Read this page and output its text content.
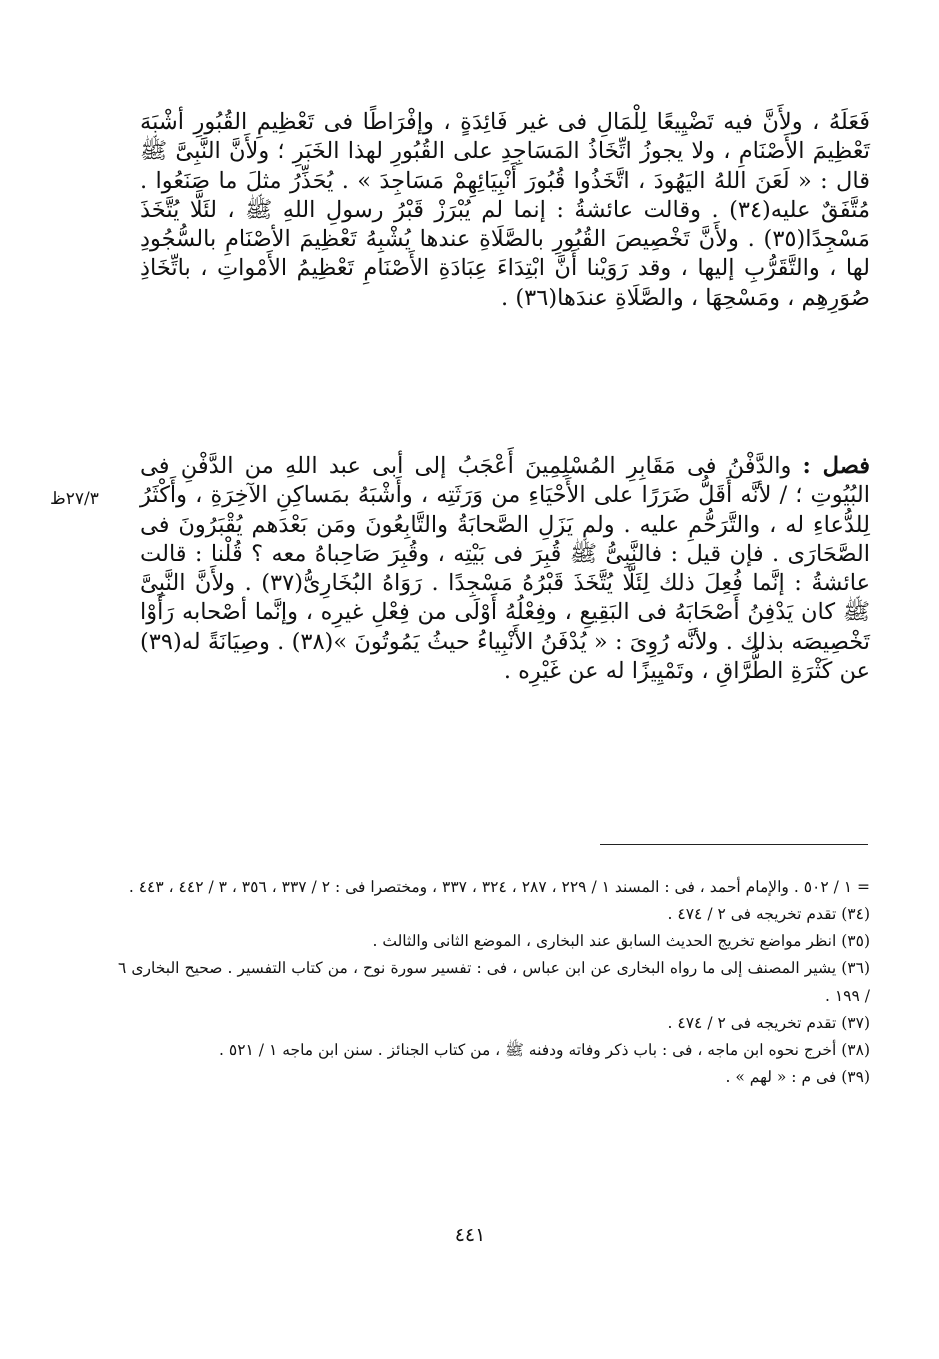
فَعَلَهُ ، ولأَنَّ فيه تَضْيِيعًا لِلْمَالِ فى غير فَائِدَةٍ ، وإفْرَاطًا فى تَعْظِيمِ القُبُورِ أشْبَهَ تَعْظِيمَ الأَصْنَامِ ، ولا يجوزُ اتِّخَاذُ المَسَاجِدِ على القُبُورِ لهذا الخَبَرِ ؛ ولأَنَّ النَّبِىَّ ﷺ قال : « لَعَنَ اللهُ اليَهُودَ ، اتَّخَذُوا قُبُورَ أَنْبِيَائِهِمْ مَسَاجِدَ » . يُحَذِّرُ مثلَ ما صَنَعُوا . مُتَّفَقٌ عليه(٣٤) . وقالت عائشةُ : إنما لم يُبْرَزْ قَبْرُ رسولِ اللهِ ﷺ ، لئَلَّا يُتَّخَذَ مَسْجِدًا(٣٥) . ولأَنَّ تَخْصِيصَ القُبُورِ بالصَّلَاةِ عندها يُشْبِهُ تَعْظِيمَ الأصْنَامِ بالسُّجُودِ لها ، والتَّقَرُّبِ إليها ، وقد رَوَيْنا أَنَّ ابْتِدَاءَ عِبَادَةِ الأَصْنَامِ تَعْظِيمُ الأَمْواتِ ، باتِّخَاذِ صُوَرِهِم ، ومَسْحِهَا ، والصَّلَاةِ عندَها(٣٦) .

فصل : والدَّفْنُ فى مَقَابِرِ المُسْلِمِينَ أَعْجَبُ إلى أبى عبد اللهِ من الدَّفْنِ فى البُيُوتِ ؛ / لأنَّه أَقَلُّ ضَرَرًا على الأَحْيَاءِ من وَرَثَتِه ، وأَشْبَهُ بمَساكِنِ الآخِرَةِ ، وأَكْثَرُ لِلدُّعاءِ له ، والتَّرَحُّمِ عليه . ولم يَزَلِ الصَّحابَةُ والتَّابِعُونَ ومَن بَعْدَهم يُقْبَرُونَ فى الصَّحَارَى . فإن قيل : فالنَّبِىُّ ﷺ قُبِرَ فى بَيْتِه ، وقُبِرَ صَاحِباهُ معه ؟ قُلْنا : قالت عائشةُ : إنَّما فُعِلَ ذلك لِئَلَّا يُتَّخَذَ قَبْرُهُ مَسْجِدًا . رَوَاهُ البُخَارِىُّ(٣٧) . ولأَنَّ النَّبِىَّ ﷺ كان يَدْفِنُ أَصْحَابَهُ فى البَقِيعِ ، وفِعْلُهُ أَوْلَى من فِعْلِ غيرِه ، وإنَّما أصْحابه رَأَوْا تَخْصِيصَه بذلك . ولأنَّه رُوِىَ : « يُدْفَنُ الأَنْبِياءُ حيثُ يَمُوتُونَ »(٣٨) . وصِيَانَةً له(٣٩) عن كَثْرَةِ الطُّرَّاقِ ، وتَمْيِيزًا له عن غَيْرِه .

٢٧/٣ظ

= ١ / ٥٠٢ . والإمام أحمد ، فى : المسند ١ / ٢٢٩ ، ٢٨٧ ، ٣٢٤ ، ٣٣٧ ، ومختصرا فى : ٢ / ٣٣٧ ، ٣٥٦ ، ٣ / ٤٤٢ ، ٤٤٣ .

(٣٤) تقدم تخريجه فى ٢ / ٤٧٤ .

(٣٥) انظر مواضع تخريج الحديث السابق عند البخارى ، الموضع الثانى والثالث .

(٣٦) يشير المصنف إلى ما رواه البخارى عن ابن عباس ، فى : تفسير سورة نوح ، من كتاب التفسير . صحيح البخارى ٦ / ١٩٩ .

(٣٧) تقدم تخريجه فى ٢ / ٤٧٤ .

(٣٨) أخرج نحوه ابن ماجه ، فى : باب ذكر وفاته ودفنه ﷺ ، من كتاب الجنائز . سنن ابن ماجه ١ / ٥٢١ .

(٣٩) فى م : « لهم » .

٤٤١
